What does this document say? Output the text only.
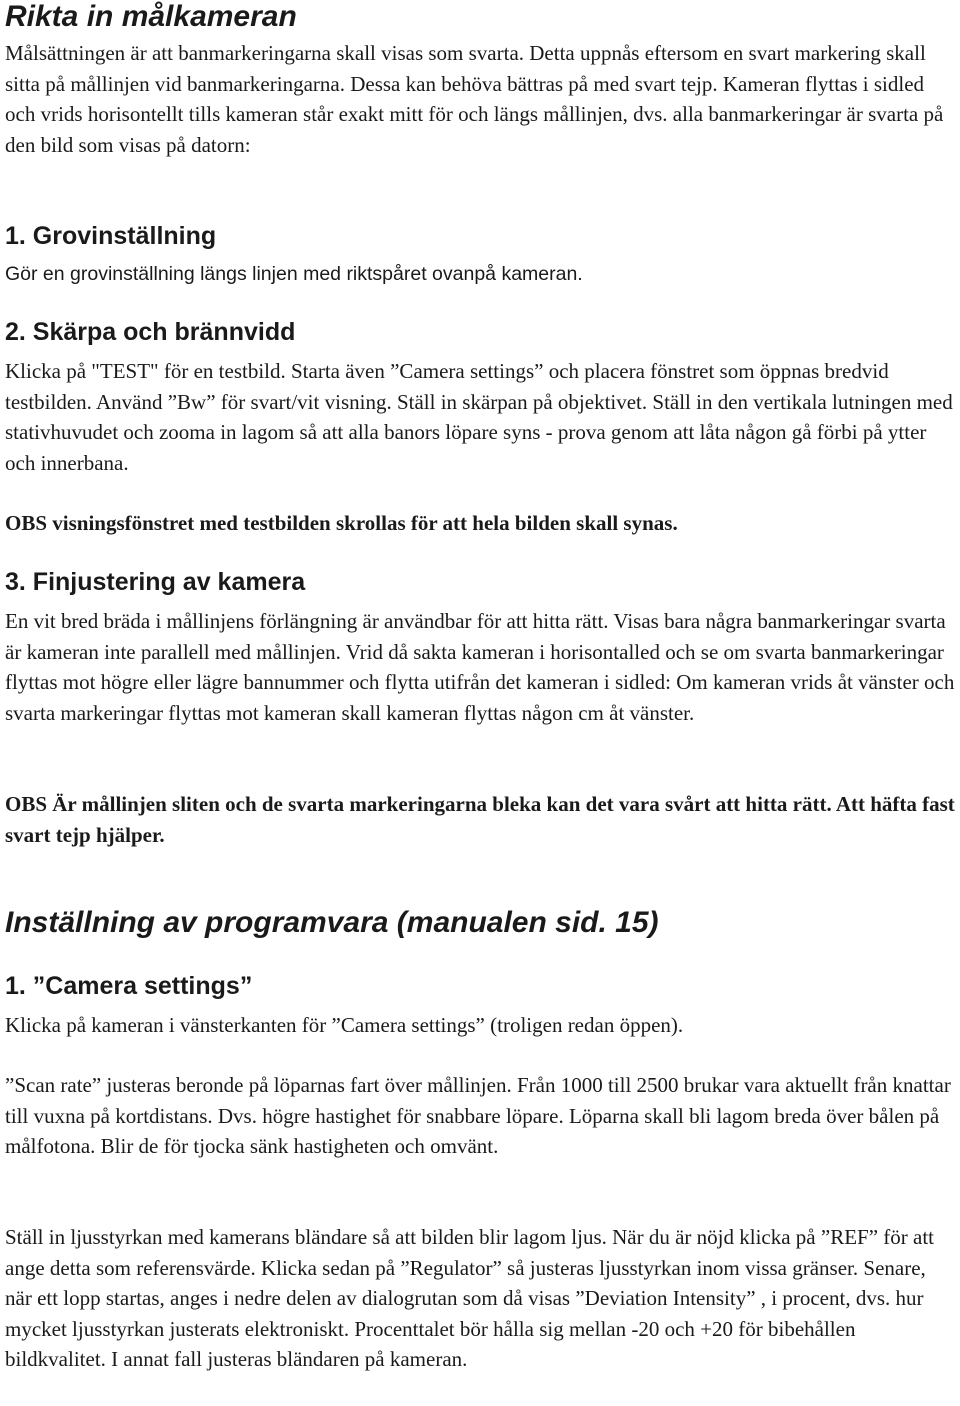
Rikta in målkameran

Målsättningen är att banmarkeringarna skall visas som svarta. Detta uppnås eftersom en svart markering skall sitta på mållinjen vid banmarkeringarna. Dessa kan behöva bättras på med svart tejp. Kameran flyttas i sidled och vrids horisontellt tills kameran står exakt mitt för och längs mållinjen, dvs. alla banmarkeringar är svarta på den bild som visas på datorn:

1. Grovinställning

Gör en grovinställning längs linjen med riktspåret ovanpå kameran.

2. Skärpa och brännvidd

Klicka på "TEST" för en testbild. Starta även ”Camera settings” och placera fönstret som öppnas bredvid testbilden. Använd ”Bw” för svart/vit visning. Ställ in skärpan på objektivet. Ställ in den vertikala lutningen med stativhuvudet och zooma in lagom så att alla banors löpare syns - prova genom att låta någon gå förbi på ytter och innerbana.

OBS visningsfönstret med testbilden skrollas för att hela bilden skall synas.

3. Finjustering av kamera

En vit bred bräda i mållinjens förlängning är användbar för att hitta rätt. Visas bara några banmarkeringar svarta är kameran inte parallell med mållinjen. Vrid då sakta kameran i horisontalled och se om svarta banmarkeringar flyttas mot högre eller lägre bannummer och flytta utifrån det kameran i sidled: Om kameran vrids åt vänster och svarta markeringar flyttas mot kameran skall kameran flyttas någon cm åt vänster.

OBS Är mållinjen sliten och de svarta markeringarna bleka kan det vara svårt att hitta rätt. Att häfta fast svart tejp hjälper.

Inställning av programvara (manualen sid. 15)
1. ”Camera settings”

Klicka på kameran i vänsterkanten för ”Camera settings” (troligen redan öppen).

”Scan rate” justeras beronde på löparnas fart över mållinjen. Från 1000 till 2500 brukar vara aktuellt från knattar till vuxna på kortdistans. Dvs. högre hastighet för snabbare löpare. Löparna skall bli lagom breda över bålen på målfotona. Blir de för tjocka sänk hastigheten och omvänt.

Ställ in ljusstyrkan med kamerans bländare så att bilden blir lagom ljus. När du är nöjd klicka på ”REF” för att ange detta som referensvärde. Klicka sedan på ”Regulator” så justeras ljusstyrkan inom vissa gränser. Senare, när ett lopp startas, anges i nedre delen av dialogrutan som då visas ”Deviation Intensity” , i procent, dvs. hur mycket ljusstyrkan justerats elektroniskt. Procenttalet bör hålla sig mellan -20 och +20 för bibehållen bildkvalitet. I annat fall justeras bländaren på kameran.
